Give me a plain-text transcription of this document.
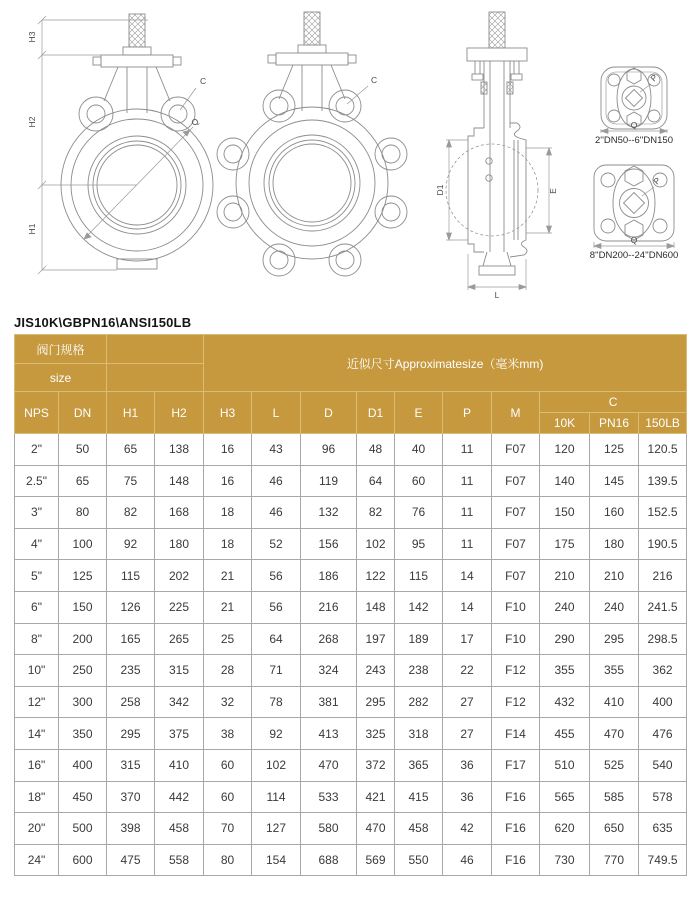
Q
C
H3
H2
H1
C
D1	E
L
P
Q
2''DN50--6''DN150
P
Q
8''DN200--24''DN600
JIS10K\GBPN16\ANSI150LB
阀门规格				近似尺寸Approximatesize（毫米mm)									
size													
NPS	DN	H1	H2	H3	L	D	D1	E	P	M	C		
											10K	PN16	150LB
2"	50	65	138	16	43	96	48	40	11	F07	120	125	120.5
2.5"	65	75	148	16	46	119	64	60	11	F07	140	145	139.5
3"	80	82	168	18	46	132	82	76	11	F07	150	160	152.5
4"	100	92	180	18	52	156	102	95	11	F07	175	180	190.5
5"	125	115	202	21	56	186	122	115	14	F07	210	210	216
6"	150	126	225	21	56	216	148	142	14	F10	240	240	241.5
8"	200	165	265	25	64	268	197	189	17	F10	290	295	298.5
10"	250	235	315	28	71	324	243	238	22	F12	355	355	362
12"	300	258	342	32	78	381	295	282	27	F12	432	410	400
14"	350	295	375	38	92	413	325	318	27	F14	455	470	476
16"	400	315	410	60	102	470	372	365	36	F17	510	525	540
18"	450	370	442	60	114	533	421	415	36	F16	565	585	578
20"	500	398	458	70	127	580	470	458	42	F16	620	650	635
24"	600	475	558	80	154	688	569	550	46	F16	730	770	749.5
